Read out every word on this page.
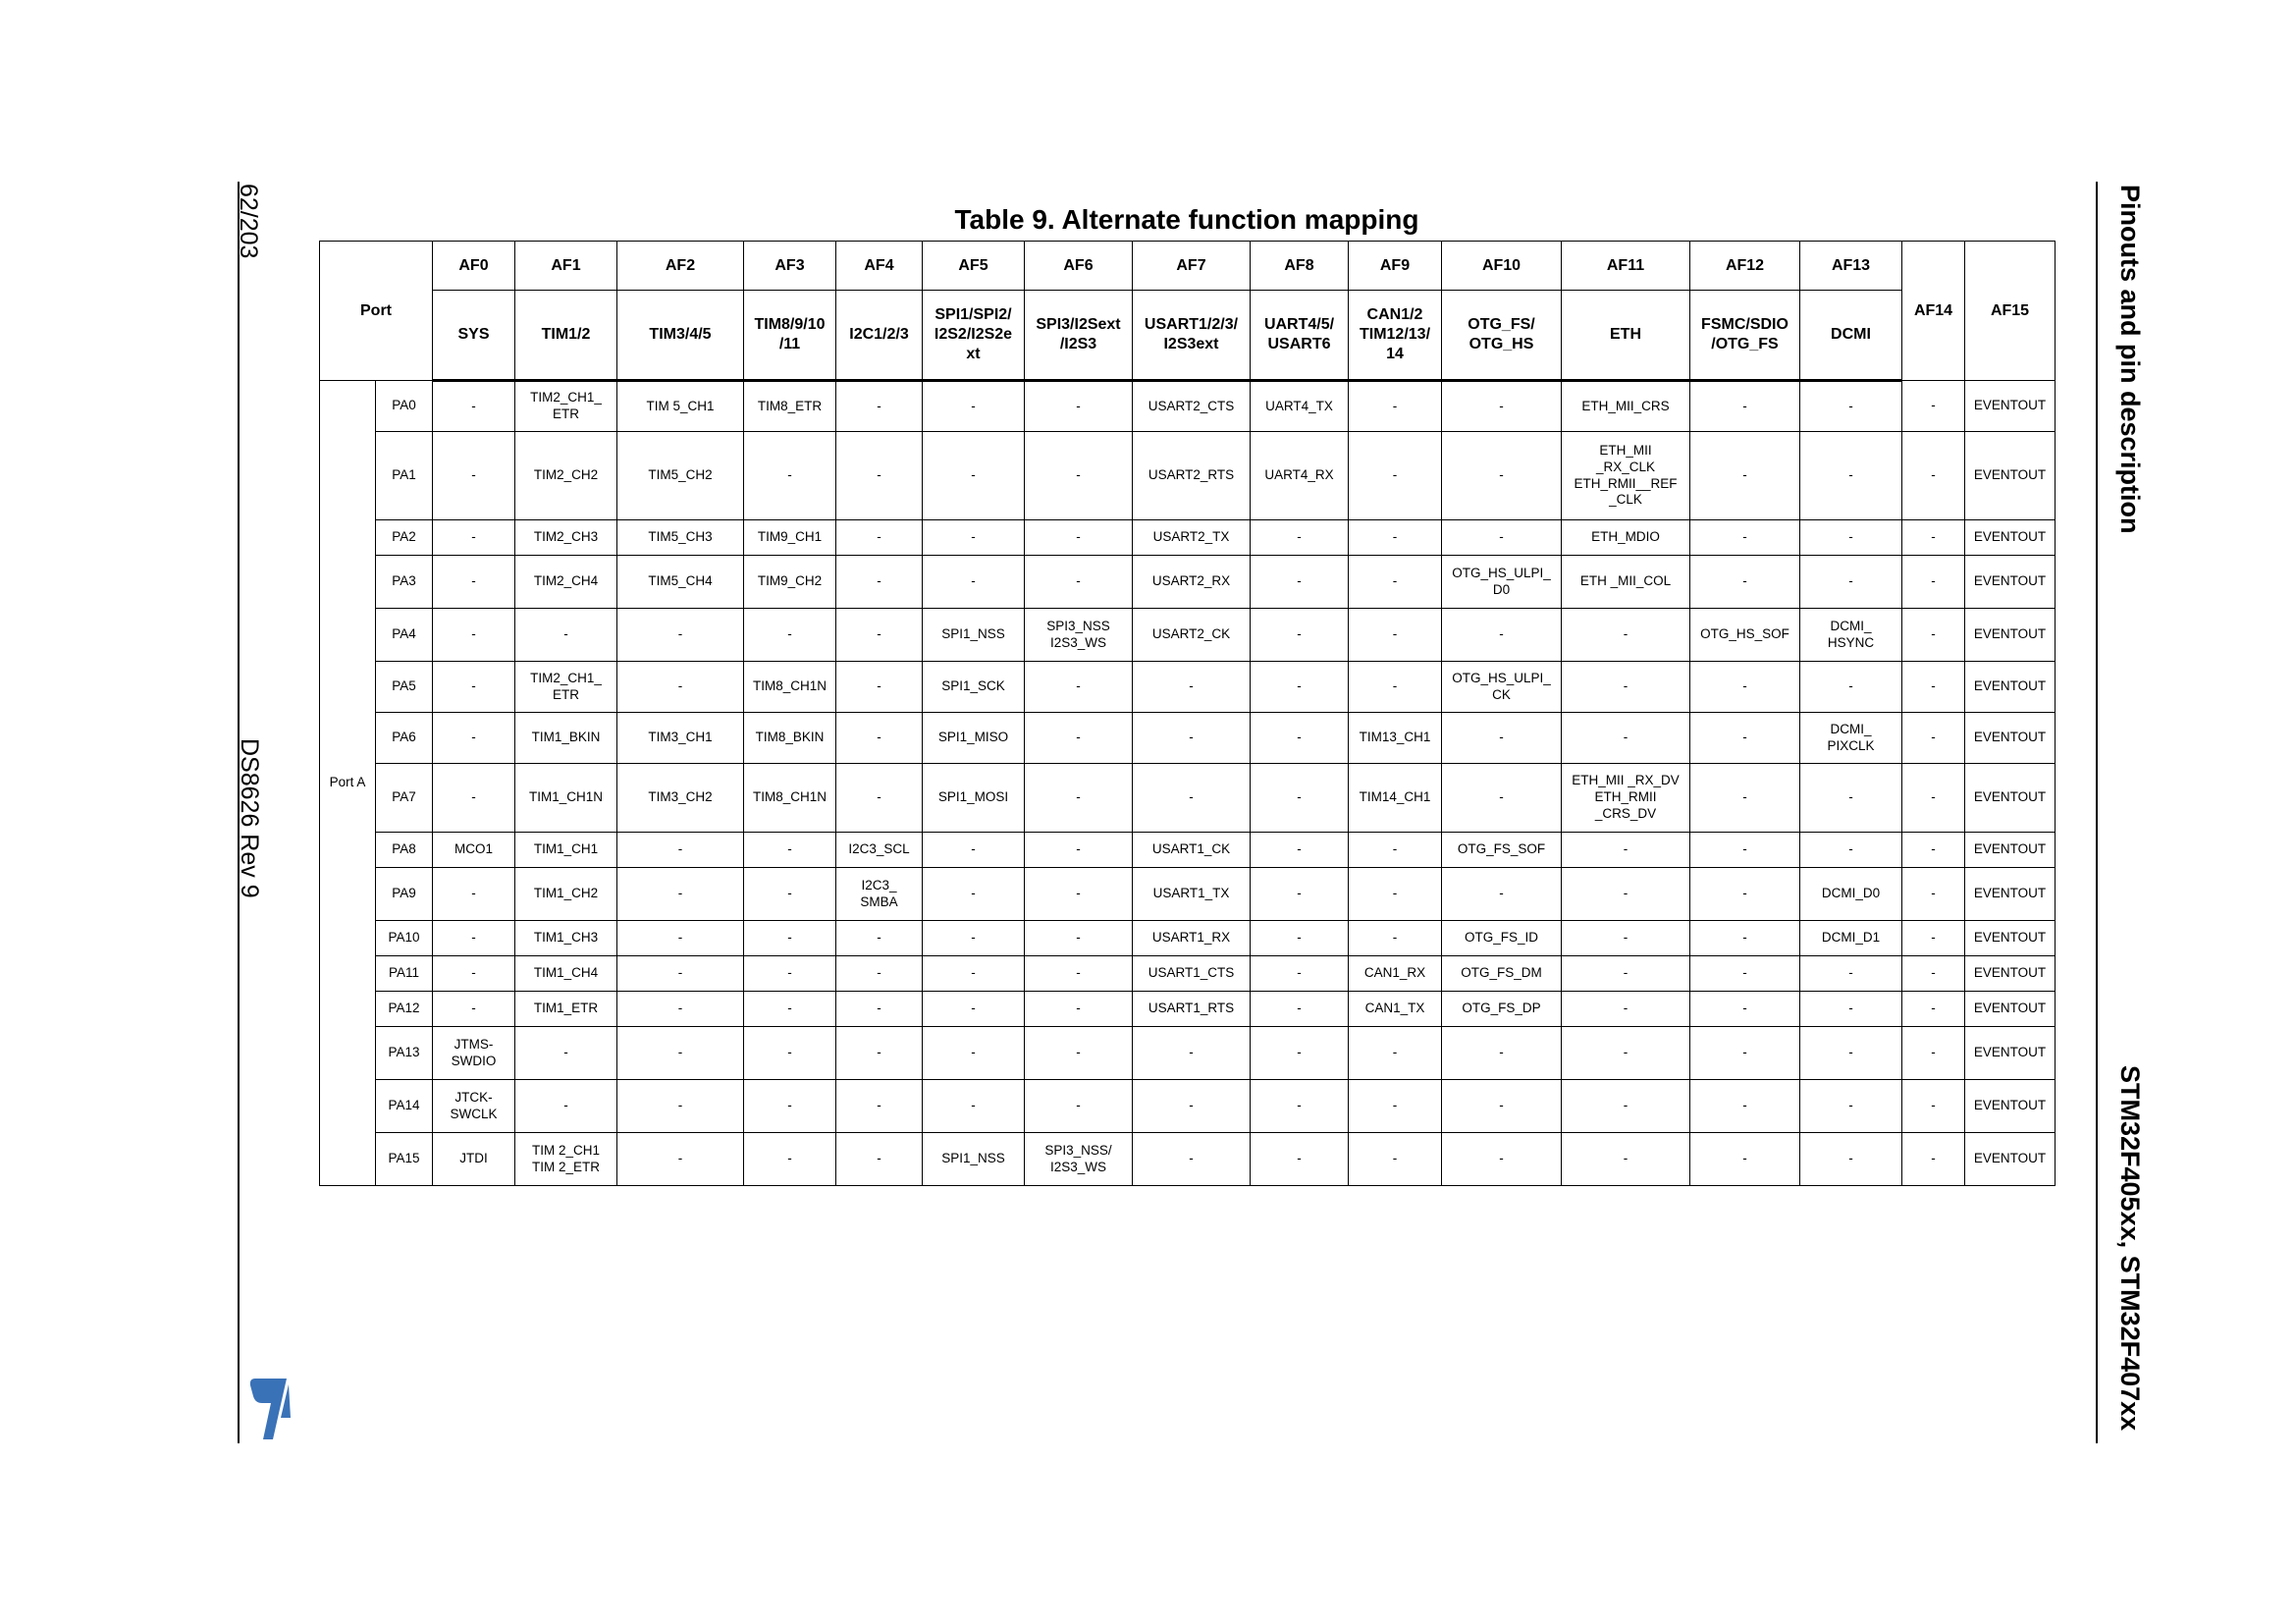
62/203
DS8626 Rev 9
Pinouts and pin description
STM32F405xx, STM32F407xx
Table 9. Alternate function mapping
Port		AF0	AF1	AF2	AF3	AF4	AF5	AF6	AF7	AF8	AF9	AF10	AF11	AF12	AF13	AF14	AF15
		SYS	TIM1/2	TIM3/4/5	TIM8/9/10
/11	I2C1/2/3	SPI1/SPI2/
I2S2/I2S2e
xt	SPI3/I2Sext
/I2S3	USART1/2/3/
I2S3ext	UART4/5/
USART6	CAN1/2
TIM12/13/
14	OTG_FS/
OTG_HS	ETH	FSMC/SDIO
/OTG_FS	DCMI		
Port A	PA0	-	TIM2_CH1_
ETR	TIM 5_CH1	TIM8_ETR	-	-	-	USART2_CTS	UART4_TX	-	-	ETH_MII_CRS	-	-	-	EVENTOUT
	PA1	-	TIM2_CH2	TIM5_CH2	-	-	-	-	USART2_RTS	UART4_RX	-	-	ETH_MII
_RX_CLK
ETH_RMII__REF
_CLK	-	-	-	EVENTOUT
	PA2	-	TIM2_CH3	TIM5_CH3	TIM9_CH1	-	-	-	USART2_TX	-	-	-	ETH_MDIO	-	-	-	EVENTOUT
	PA3	-	TIM2_CH4	TIM5_CH4	TIM9_CH2	-	-	-	USART2_RX	-	-	OTG_HS_ULPI_
D0	ETH _MII_COL	-	-	-	EVENTOUT
	PA4	-	-	-	-	-	SPI1_NSS	SPI3_NSS
I2S3_WS	USART2_CK	-	-	-	-	OTG_HS_SOF	DCMI_
HSYNC	-	EVENTOUT
	PA5	-	TIM2_CH1_
ETR	-	TIM8_CH1N	-	SPI1_SCK	-	-	-	-	OTG_HS_ULPI_
CK	-	-	-	-	EVENTOUT
	PA6	-	TIM1_BKIN	TIM3_CH1	TIM8_BKIN	-	SPI1_MISO	-	-	-	TIM13_CH1	-	-	-	DCMI_
PIXCLK	-	EVENTOUT
	PA7	-	TIM1_CH1N	TIM3_CH2	TIM8_CH1N	-	SPI1_MOSI	-	-	-	TIM14_CH1	-	ETH_MII _RX_DV
ETH_RMII
_CRS_DV	-	-	-	EVENTOUT
	PA8	MCO1	TIM1_CH1	-	-	I2C3_SCL	-	-	USART1_CK	-	-	OTG_FS_SOF	-	-	-	-	EVENTOUT
	PA9	-	TIM1_CH2	-	-	I2C3_
SMBA	-	-	USART1_TX	-	-	-	-	-	DCMI_D0	-	EVENTOUT
	PA10	-	TIM1_CH3	-	-	-	-	-	USART1_RX	-	-	OTG_FS_ID	-	-	DCMI_D1	-	EVENTOUT
	PA11	-	TIM1_CH4	-	-	-	-	-	USART1_CTS	-	CAN1_RX	OTG_FS_DM	-	-	-	-	EVENTOUT
	PA12	-	TIM1_ETR	-	-	-	-	-	USART1_RTS	-	CAN1_TX	OTG_FS_DP	-	-	-	-	EVENTOUT
	PA13	JTMS-
SWDIO	-	-	-	-	-	-	-	-	-	-	-	-	-	-	EVENTOUT
	PA14	JTCK-
SWCLK	-	-	-	-	-	-	-	-	-	-	-	-	-	-	EVENTOUT
	PA15	JTDI	TIM 2_CH1
TIM 2_ETR	-	-	-	SPI1_NSS	SPI3_NSS/
I2S3_WS	-	-	-	-	-	-	-	-	EVENTOUT
